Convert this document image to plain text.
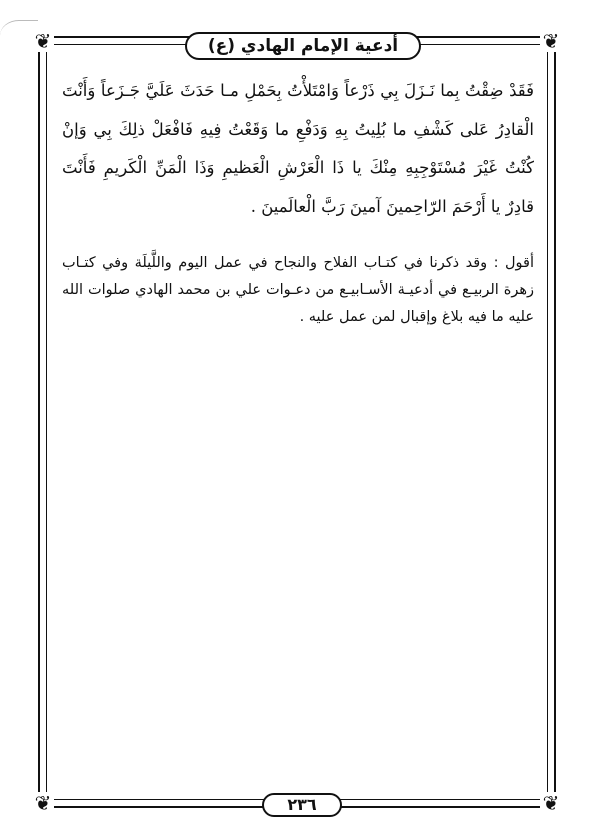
❦	❦
❦	❦
أدعية الإمام الهادي (ع)

فَقَدْ ضِقْتُ بِما نَـزَلَ بِي ذَرْعاً وَامْتَلأْتُ بِحَمْلِ مـا حَدَثَ عَلَيَّ جَـزَعاً وَأَنْتَ الْقادِرُ عَلى كَشْفِ ما بُلِيتُ بِهِ وَدَفْعِ ما وَقَعْتُ فِيهِ فَافْعَلْ ذلِكَ بِي وَإنْ كُنْتُ غَيْرَ مُسْتَوْجِبِهِ مِنْكَ يا ذَا الْعَرْشِ الْعَظيمِ وَذَا الْمَنِّ الْكَريمِ فَأَنْتَ قادِرٌ يا أَرْحَمَ الرّاحِمينَ آمينَ رَبَّ الْعالَمينَ .

أقول : وقد ذكرنا في كتـاب الفلاح والنجاح في عمل اليوم واللَّيلَة وفي كتـاب زهرة الربيـع في أدعيـة الأسـابيـع من دعـوات علي بن محمد الهادي صلوات الله عليه ما فيه بلاغ وإقبال لمن عمل عليه .

٢٣٦
